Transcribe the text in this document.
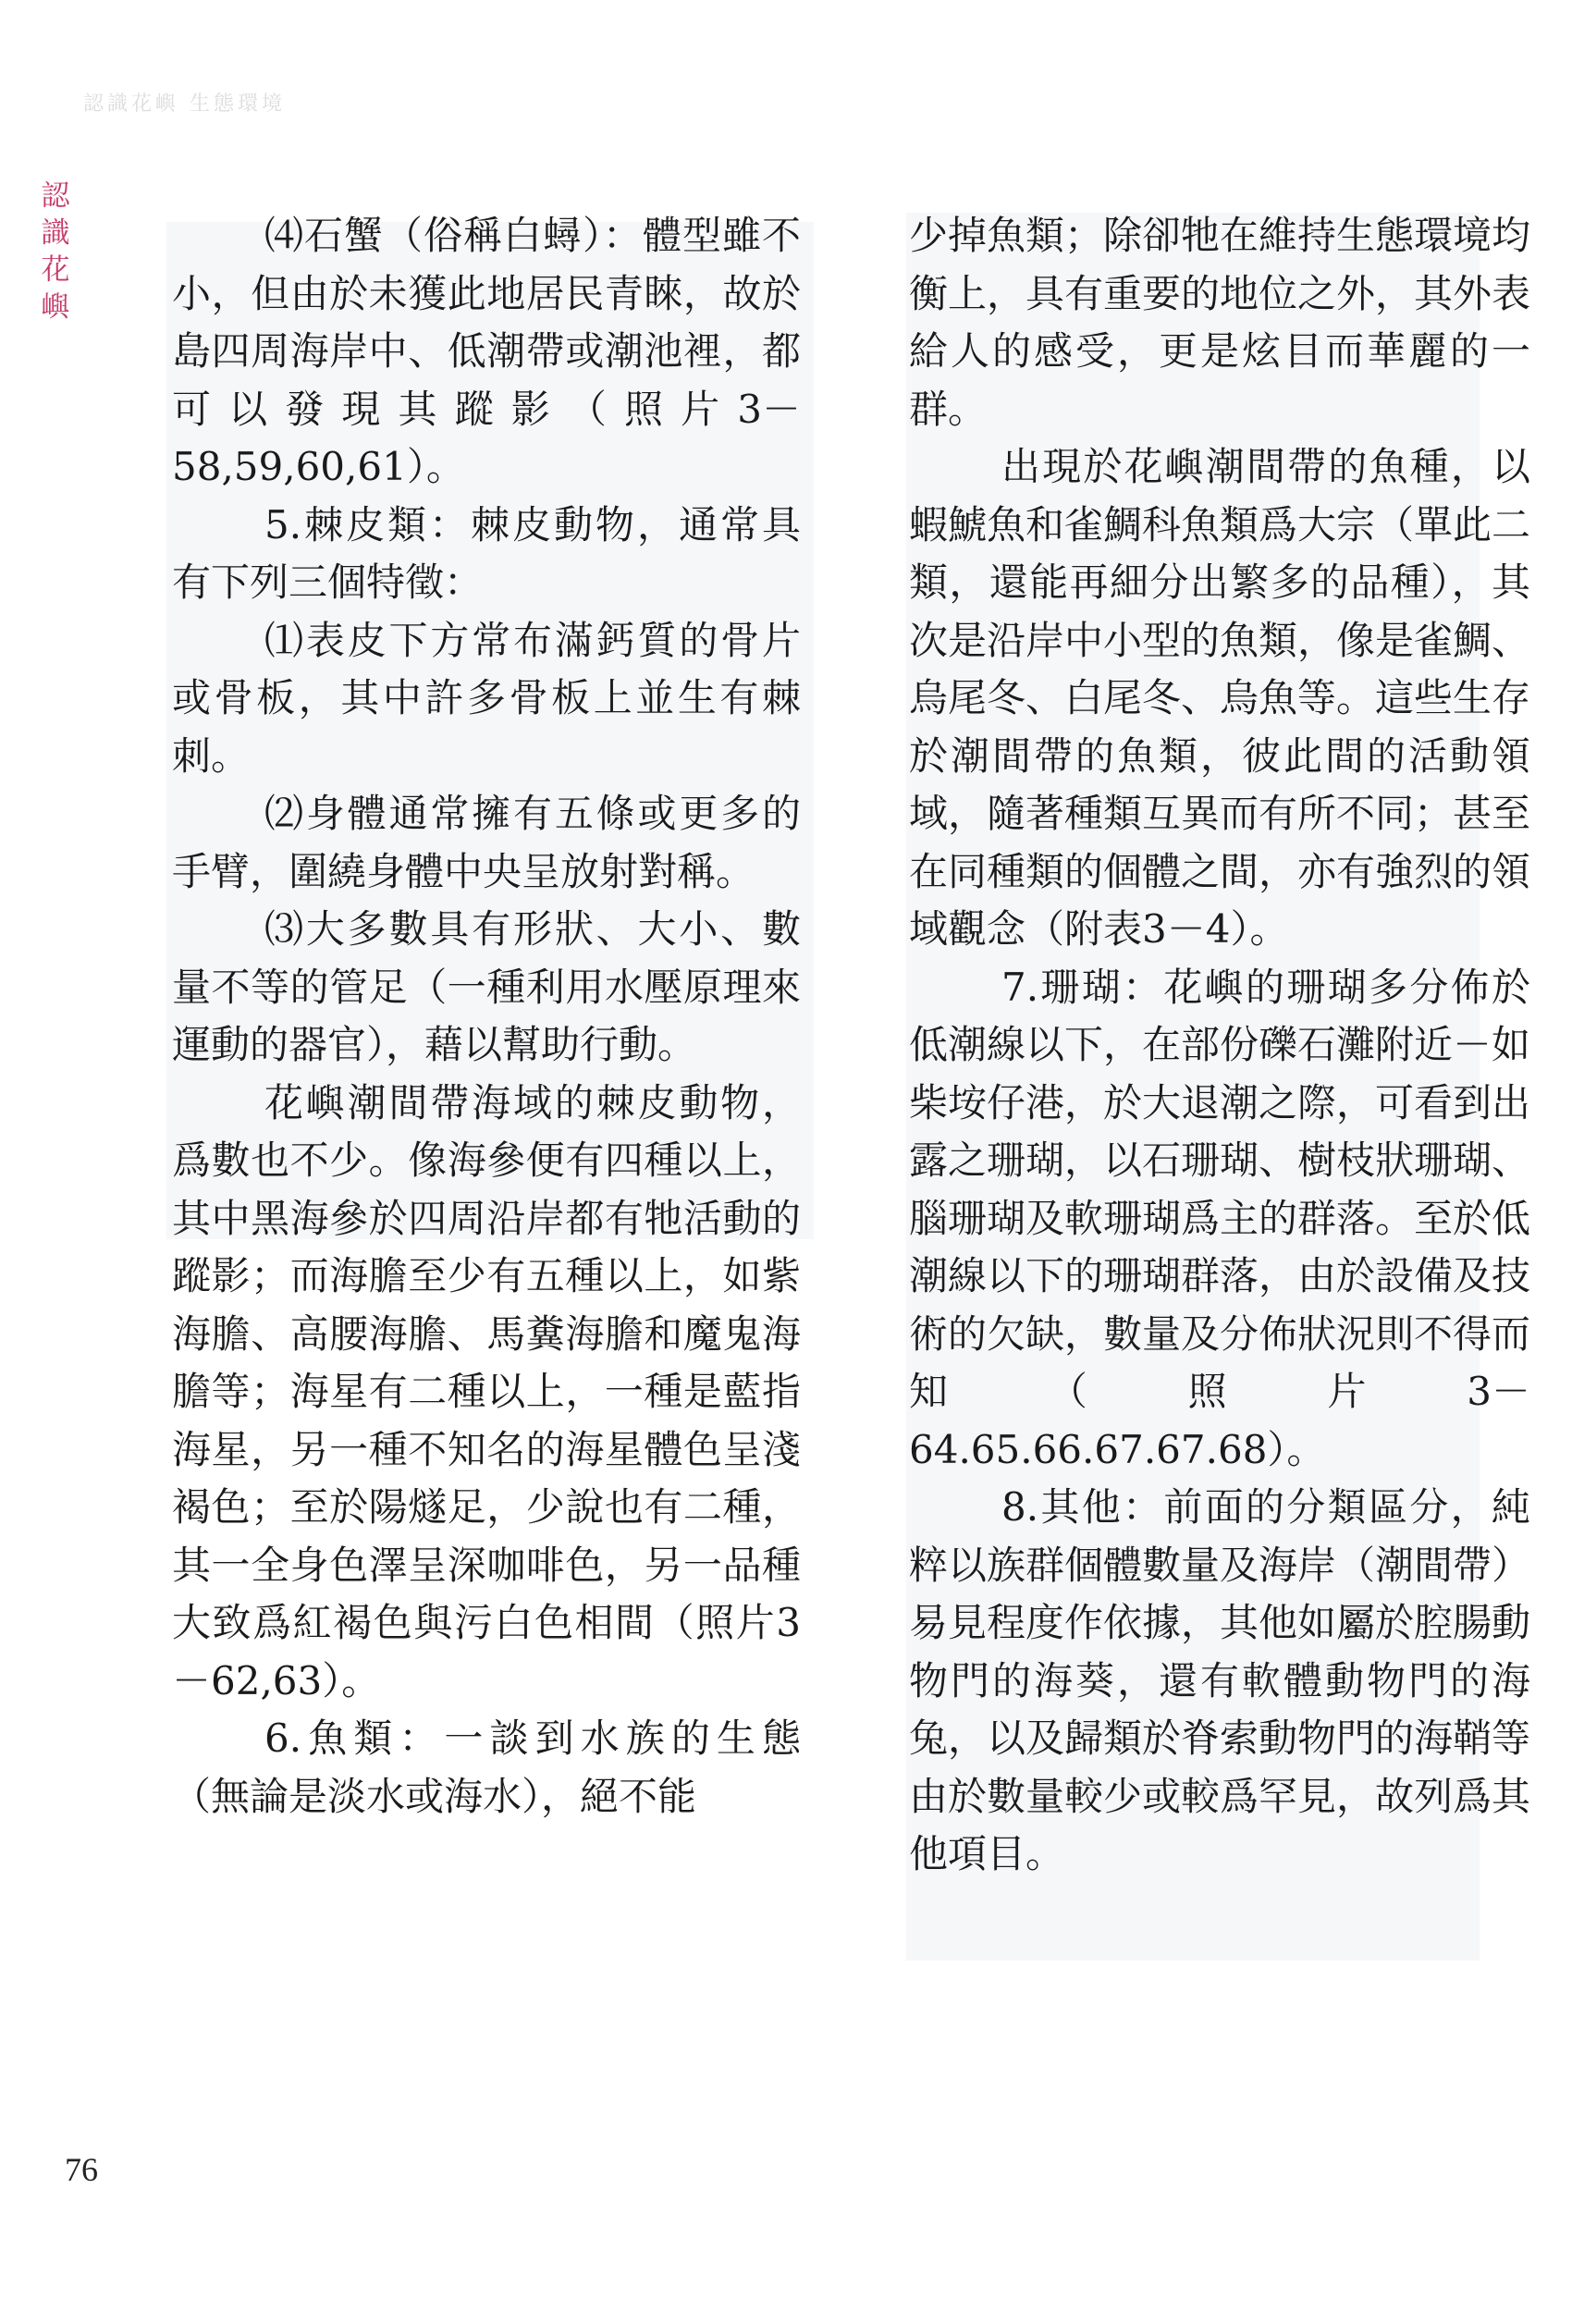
認識花嶼 生態環境
認
識
花
嶼

⑷石蟹（俗稱白蟳）：體型雖不小，但由於未獲此地居民青睞，故於島四周海岸中、低潮帶或潮池裡，都可以發現其蹤影（照片3－58,59,60,61）。

5.棘皮類：棘皮動物，通常具有下列三個特徵：

⑴表皮下方常布滿鈣質的骨片或骨板，其中許多骨板上並生有棘刺。

⑵身體通常擁有五條或更多的手臂，圍繞身體中央呈放射對稱。

⑶大多數具有形狀、大小、數量不等的管足（一種利用水壓原理來運動的器官），藉以幫助行動。

花嶼潮間帶海域的棘皮動物，爲數也不少。像海參便有四種以上，其中黑海參於四周沿岸都有牠活動的蹤影；而海膽至少有五種以上，如紫海膽、高腰海膽、馬糞海膽和魔鬼海膽等；海星有二種以上，一種是藍指海星，另一種不知名的海星體色呈淺褐色；至於陽燧足，少說也有二種，其一全身色澤呈深咖啡色，另一品種大致爲紅褐色與污白色相間（照片3－62,63）。

6.魚類：一談到水族的生態（無論是淡水或海水），絕不能

少掉魚類；除卻牠在維持生態環境均衡上，具有重要的地位之外，其外表給人的感受，更是炫目而華麗的一群。

出現於花嶼潮間帶的魚種，以蝦鯱魚和雀鯛科魚類爲大宗（單此二類，還能再細分出繁多的品種），其次是沿岸中小型的魚類，像是雀鯛、烏尾冬、白尾冬、烏魚等。這些生存於潮間帶的魚類，彼此間的活動領域，隨著種類互異而有所不同；甚至在同種類的個體之間，亦有強烈的領域觀念（附表3－4）。

7.珊瑚：花嶼的珊瑚多分佈於低潮線以下，在部份礫石灘附近－如柴垵仔港，於大退潮之際，可看到出露之珊瑚，以石珊瑚、樹枝狀珊瑚、腦珊瑚及軟珊瑚爲主的群落。至於低潮線以下的珊瑚群落，由於設備及技術的欠缺，數量及分佈狀況則不得而知（照片3－64.65.66.67.67.68）。

8.其他：前面的分類區分，純粹以族群個體數量及海岸（潮間帶）易見程度作依據，其他如屬於腔腸動物門的海葵，還有軟體動物門的海兔，以及歸類於脊索動物門的海鞘等由於數量較少或較爲罕見，故列爲其他項目。

76
